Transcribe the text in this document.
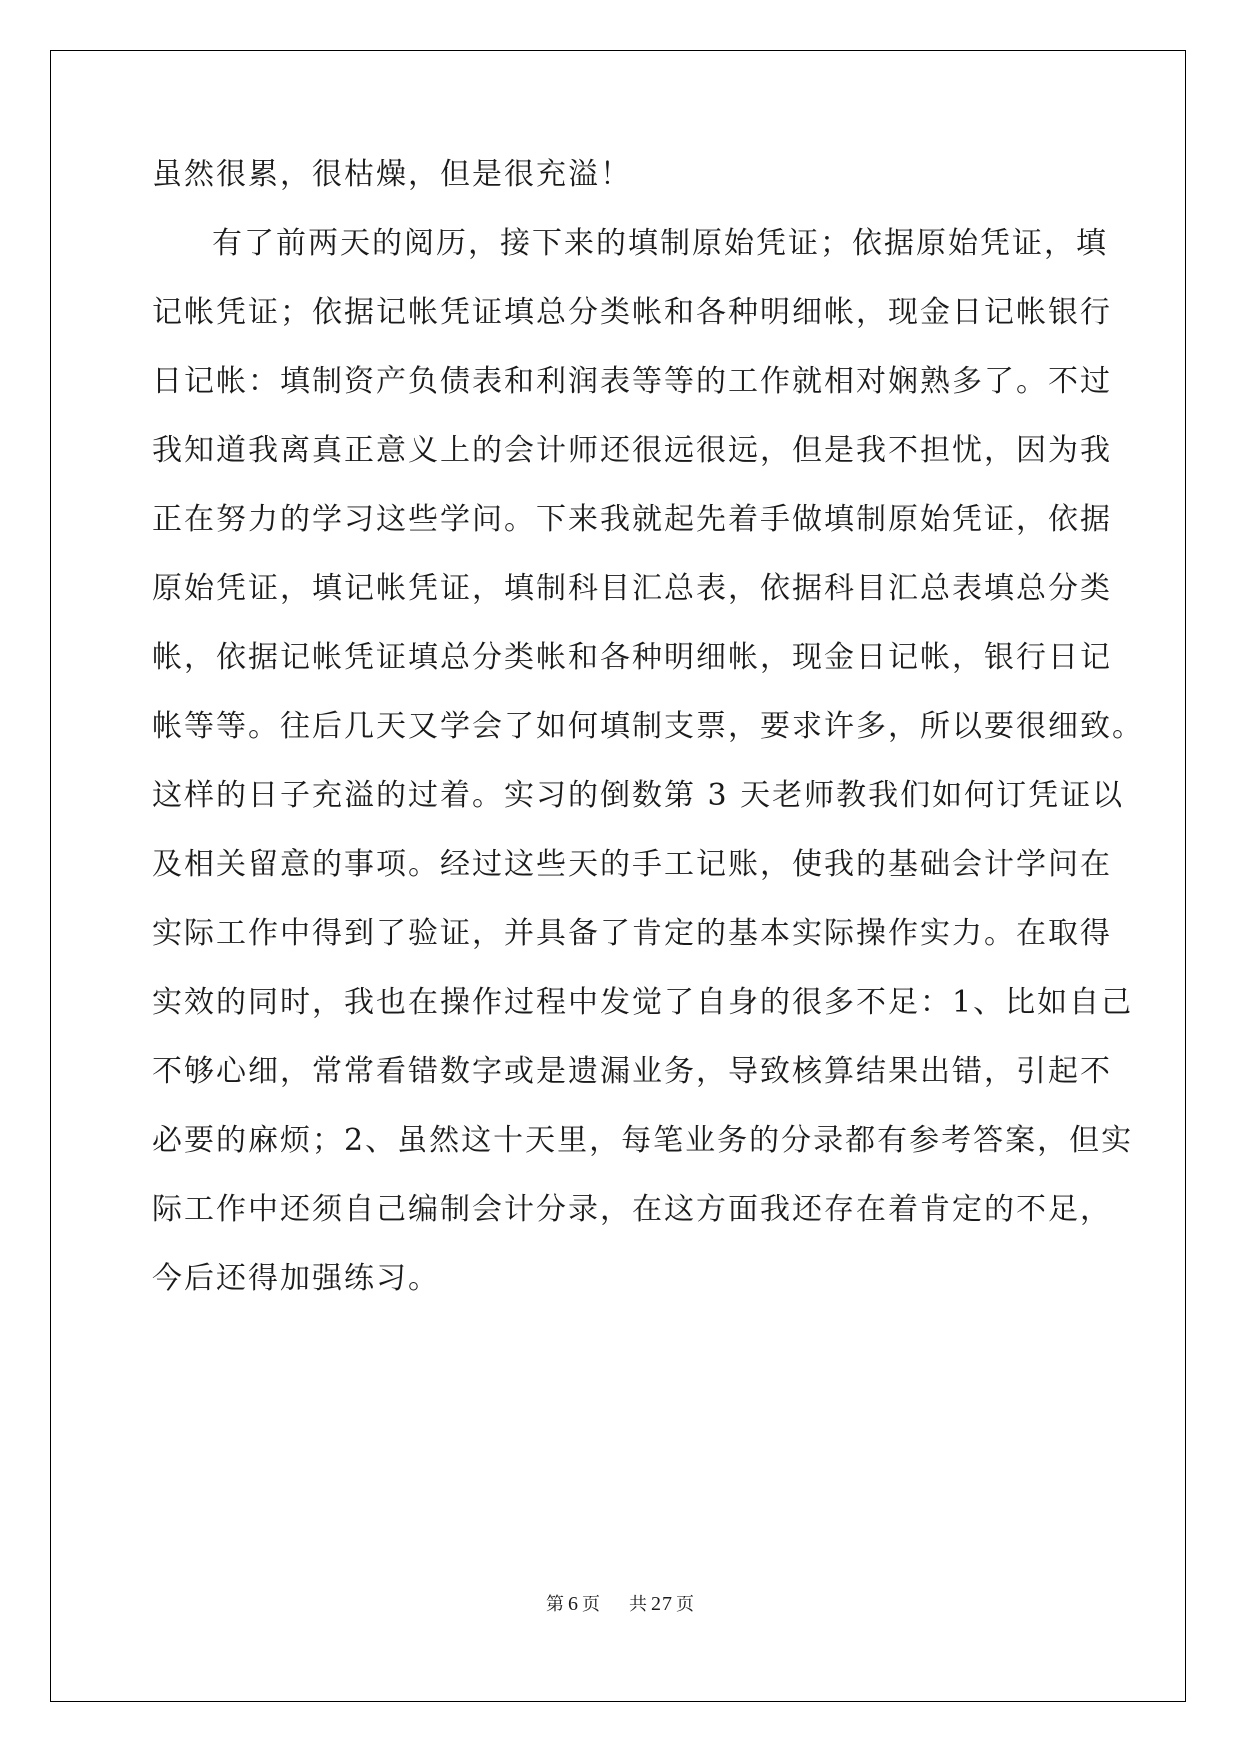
虽然很累，很枯燥，但是很充溢！
有了前两天的阅历，接下来的填制原始凭证；依据原始凭证，填
记帐凭证；依据记帐凭证填总分类帐和各种明细帐，现金日记帐银行
日记帐：填制资产负债表和利润表等等的工作就相对娴熟多了。不过
我知道我离真正意义上的会计师还很远很远，但是我不担忧，因为我
正在努力的学习这些学问。下来我就起先着手做填制原始凭证，依据
原始凭证，填记帐凭证，填制科目汇总表，依据科目汇总表填总分类
帐，依据记帐凭证填总分类帐和各种明细帐，现金日记帐，银行日记
帐等等。往后几天又学会了如何填制支票，要求许多，所以要很细致。
这样的日子充溢的过着。实习的倒数第 3 天老师教我们如何订凭证以
及相关留意的事项。经过这些天的手工记账，使我的基础会计学问在
实际工作中得到了验证，并具备了肯定的基本实际操作实力。在取得
实效的同时，我也在操作过程中发觉了自身的很多不足：1、比如自己
不够心细，常常看错数字或是遗漏业务，导致核算结果出错，引起不
必要的麻烦；2、虽然这十天里，每笔业务的分录都有参考答案，但实
际工作中还须自己编制会计分录，在这方面我还存在着肯定的不足，
今后还得加强练习。
第 6 页 共 27 页
